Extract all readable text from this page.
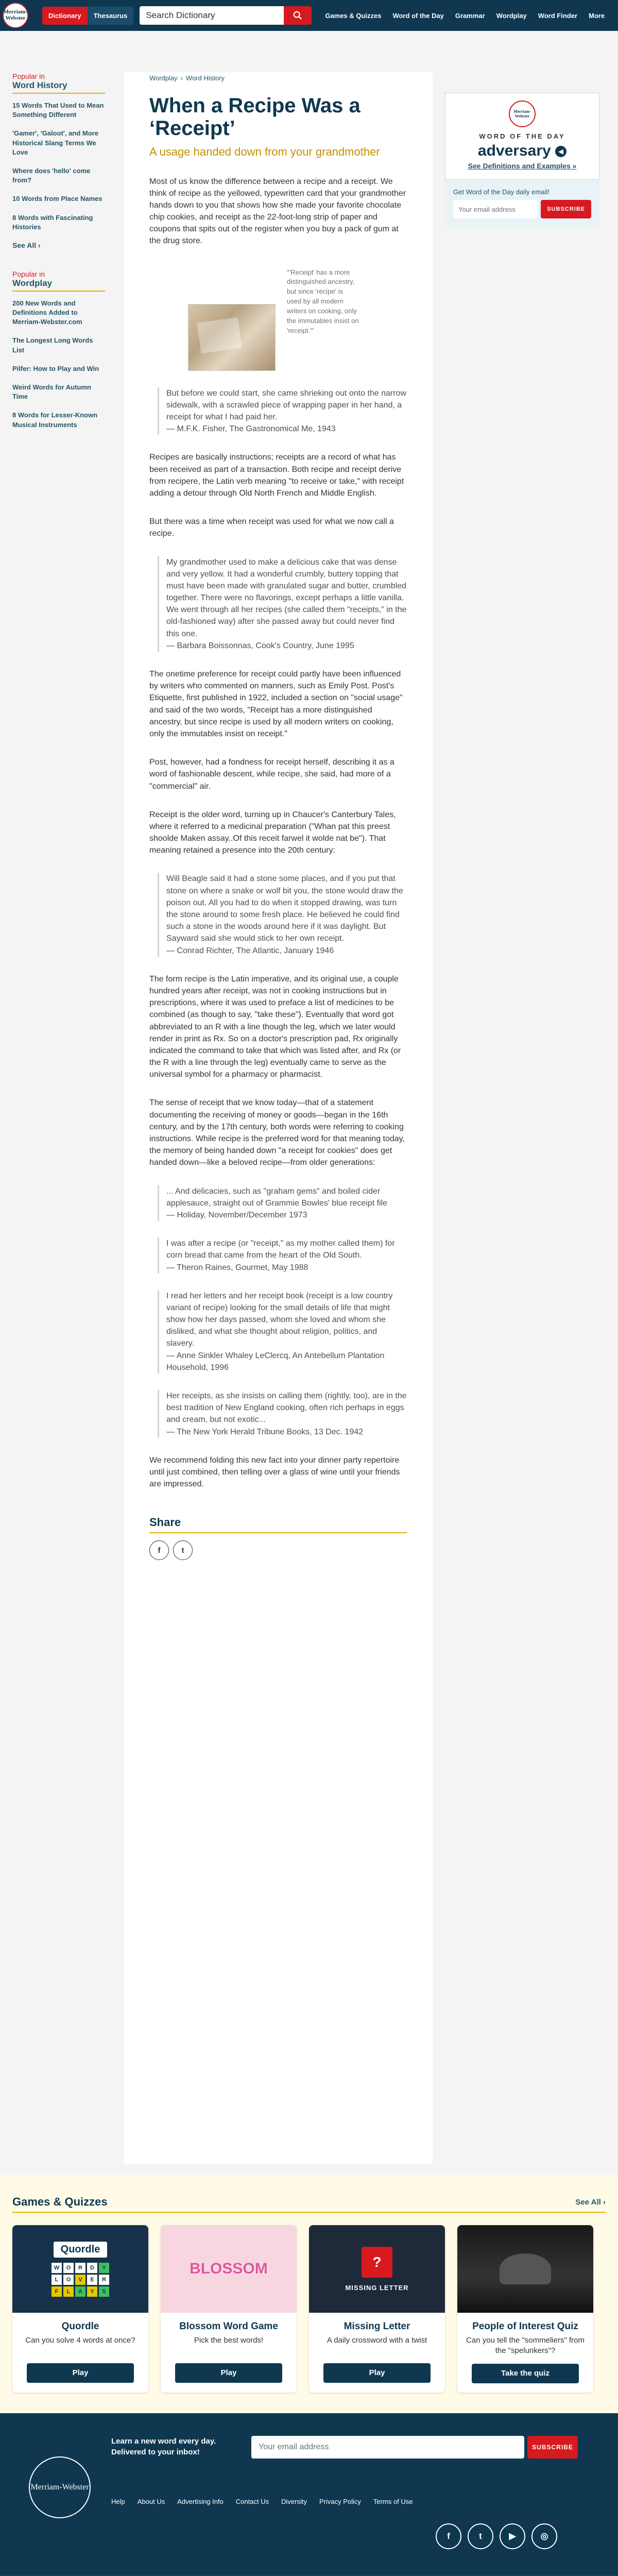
Merriam-
Webster	Dictionary	Thesaurus	Search Dictionary	Games & Quizzes Word of the Day Grammar Wordplay Word Finder More
Popular in
Word History
15 Words That Used to Mean Something Different
'Gamer', 'Galoot', and More Historical Slang Terms We Love
Where does 'hello' come from?
10 Words from Place Names
8 Words with Fascinating Histories
See All ›
Popular in
Wordplay
200 New Words and Definitions Added to Merriam-Webster.com
The Longest Long Words List
Pilfer: How to Play and Win
Weird Words for Autumn Time
8 Words for Lesser-Known Musical Instruments
Wordplay › Word History
When a Recipe Was a ‘Receipt’
A usage handed down from your grandmother

Most of us know the difference between a recipe and a receipt. We think of recipe as the yellowed, typewritten card that your grandmother hands down to you that shows how she made your favorite chocolate chip cookies, and receipt as the 22-foot-long strip of paper and coupons that spits out of the register when you buy a pack of gum at the drug store.

"'Receipt' has a more distinguished ancestry, but since 'recipe' is used by all modern writers on cooking, only the immutables insist on 'receipt.'"
But before we could start, she came shrieking out onto the narrow sidewalk, with a scrawled piece of wrapping paper in her hand, a receipt for what I had paid her.
— M.F.K. Fisher, The Gastronomical Me, 1943

Recipes are basically instructions; receipts are a record of what has been received as part of a transaction. Both recipe and receipt derive from recipere, the Latin verb meaning "to receive or take," with receipt adding a detour through Old North French and Middle English.

But there was a time when receipt was used for what we now call a recipe.

My grandmother used to make a delicious cake that was dense and very yellow. It had a wonderful crumbly, buttery topping that must have been made with granulated sugar and butter, crumbled together. There were no flavorings, except perhaps a little vanilla. We went through all her recipes (she called them "receipts," in the old-fashioned way) after she passed away but could never find this one.
— Barbara Boissonnas, Cook's Country, June 1995

The onetime preference for receipt could partly have been influenced by writers who commented on manners, such as Emily Post. Post's Etiquette, first published in 1922, included a section on "social usage" and said of the two words, "Receipt has a more distinguished ancestry, but since recipe is used by all modern writers on cooking, only the immutables insist on receipt."

Post, however, had a fondness for receipt herself, describing it as a word of fashionable descent, while recipe, she said, had more of a "commercial" air.

Receipt is the older word, turning up in Chaucer's Canterbury Tales, where it referred to a medicinal preparation ("Whan pat this preest shoolde Maken assay..Of this receit farwel it wolde nat be"). That meaning retained a presence into the 20th century:

Will Beagle said it had a stone some places, and if you put that stone on where a snake or wolf bit you, the stone would draw the poison out. All you had to do when it stopped drawing, was turn the stone around to some fresh place. He believed he could find such a stone in the woods around here if it was daylight. But Sayward said she would stick to her own receipt.
— Conrad Richter, The Atlantic, January 1946

The form recipe is the Latin imperative, and its original use, a couple hundred years after receipt, was not in cooking instructions but in prescriptions, where it was used to preface a list of medicines to be combined (as though to say, "take these"). Eventually that word got abbreviated to an R with a line though the leg, which we later would render in print as Rx. So on a doctor's prescription pad, Rx originally indicated the command to take that which was listed after, and Rx (or the R with a line through the leg) eventually came to serve as the universal symbol for a pharmacy or pharmacist.

The sense of receipt that we know today—that of a statement documenting the receiving of money or goods—began in the 16th century, and by the 17th century, both words were referring to cooking instructions. While recipe is the preferred word for that meaning today, the memory of being handed down "a receipt for cookies" does get handed down—like a beloved recipe—from older generations:

... And delicacies, such as "graham gems" and boiled cider applesauce, straight out of Grammie Bowles' blue receipt file
— Holiday, November/December 1973
I was after a recipe (or "receipt," as my mother called them) for corn bread that came from the heart of the Old South.
— Theron Raines, Gourmet, May 1988
I read her letters and her receipt book (receipt is a low country variant of recipe) looking for the small details of life that might show how her days passed, whom she loved and whom she disliked, and what she thought about religion, politics, and slavery.
— Anne Sinkler Whaley LeClercq, An Antebellum Plantation Household, 1996
Her receipts, as she insists on calling them (rightly, too), are in the best tradition of New England cooking, often rich perhaps in eggs and cream, but not exotic...
— The New York Herald Tribune Books, 13 Dec. 1942

We recommend folding this new fact into your dinner party repertoire until just combined, then telling over a glass of wine until your friends are impressed.

Share
f	t
Merriam-Webster
WORD OF THE DAY
adversary ◀
See Definitions and Examples »
Get Word of the Day daily email!
Your email address	SUBSCRIBE
Games & Quizzes	See All ›
Quordle
W	O	R	D	Y
L	O	V	E	R
F	L	A	Y	S
Quordle
Can you solve 4 words at once?
Play
BLOSSOM
Blossom Word Game
Pick the best words!
Play
?
MISSING LETTER
Missing Letter
A daily crossword with a twist
Play
People of Interest Quiz
Can you tell the "sommeliers" from the "spelunkers"?
Take the quiz
Merriam-Webster
Learn a new word every day.
Delivered to your inbox!
Your email address	SUBSCRIBE
Help About Us Advertising Info Contact Us Diversity Privacy Policy Terms of Use
f	t	▶	◎
